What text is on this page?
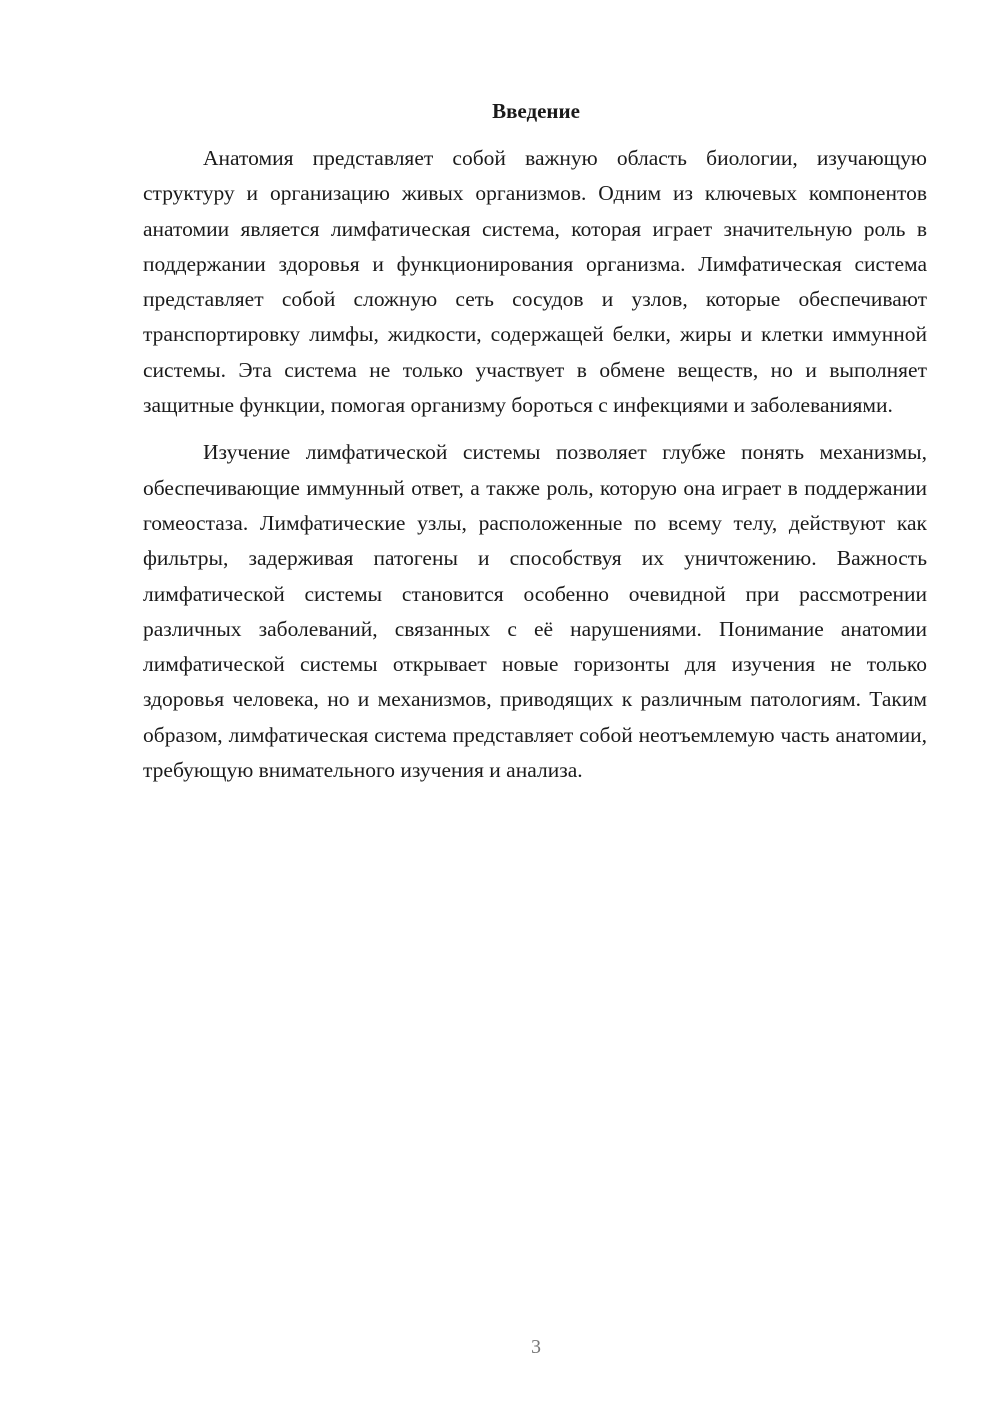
Введение

Анатомия представляет собой важную область биологии, изучающую структуру и организацию живых организмов. Одним из ключевых компонентов анатомии является лимфатическая система, которая играет значительную роль в поддержании здоровья и функционирования организма. Лимфатическая система представляет собой сложную сеть сосудов и узлов, которые обеспечивают транспортировку лимфы, жидкости, содержащей белки, жиры и клетки иммунной системы. Эта система не только участвует в обмене веществ, но и выполняет защитные функции, помогая организму бороться с инфекциями и заболеваниями.

Изучение лимфатической системы позволяет глубже понять механизмы, обеспечивающие иммунный ответ, а также роль, которую она играет в поддержании гомеостаза. Лимфатические узлы, расположенные по всему телу, действуют как фильтры, задерживая патогены и способствуя их уничтожению. Важность лимфатической системы становится особенно очевидной при рассмотрении различных заболеваний, связанных с её нарушениями. Понимание анатомии лимфатической системы открывает новые горизонты для изучения не только здоровья человека, но и механизмов, приводящих к различным патологиям. Таким образом, лимфатическая система представляет собой неотъемлемую часть анатомии, требующую внимательного изучения и анализа.

3
